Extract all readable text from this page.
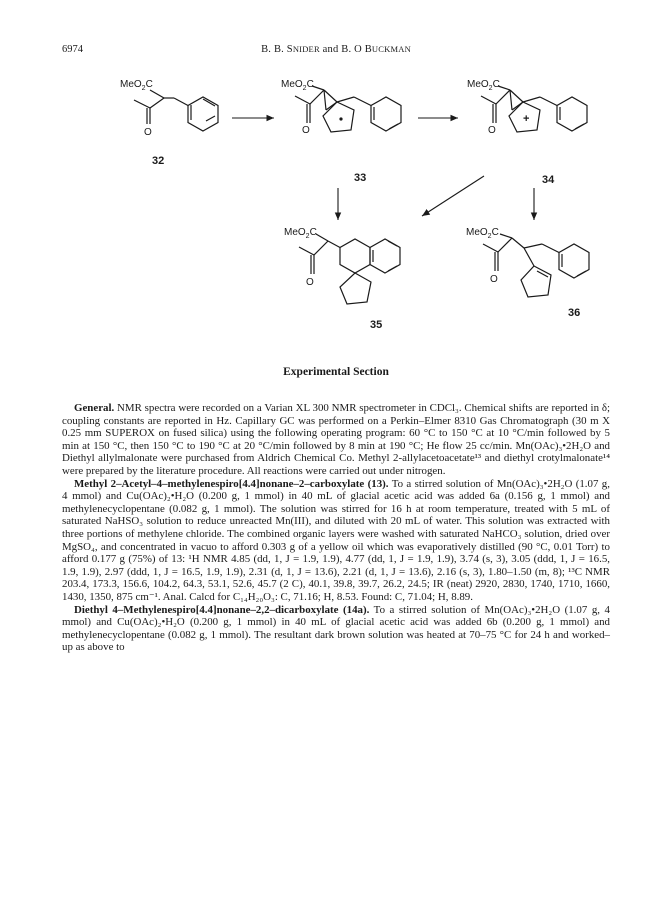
6974	B. B. SNIDER and B. O BUCKMAN
MeO$_2$C
O
32
MeO$_2$C
O
33
MeO$_2$C
+
O
34
MeO$_2$C
O
35
MeO$_2$C
O
36
Experimental Section

General. NMR spectra were recorded on a Varian XL 300 NMR spectrometer in CDCl₃. Chemical shifts are reported in δ; coupling constants are reported in Hz. Capillary GC was performed on a Perkin–Elmer 8310 Gas Chromatograph (30 m X 0.25 mm SUPEROX on fused silica) using the following operating program: 60 °C to 150 °C at 10 °C/min followed by 5 min at 150 °C, then 150 °C to 190 °C at 20 °C/min followed by 8 min at 190 °C; He flow 25 cc/min. Mn(OAc)₃•2H₂O and Diethyl allylmalonate were purchased from Aldrich Chemical Co. Methyl 2-allylacetoacetate¹³ and diethyl crotylmalonate¹⁴ were prepared by the literature procedure. All reactions were carried out under nitrogen.

Methyl 2–Acetyl–4–methylenespiro[4.4]nonane–2–carboxylate (13). To a stirred solution of Mn(OAc)₃•2H₂O (1.07 g, 4 mmol) and Cu(OAc)₂•H₂O (0.200 g, 1 mmol) in 40 mL of glacial acetic acid was added 6a (0.156 g, 1 mmol) and methylenecyclopentane (0.082 g, 1 mmol). The solution was stirred for 16 h at room temperature, treated with 5 mL of saturated NaHSO₃ solution to reduce unreacted Mn(III), and diluted with 20 mL of water. This solution was extracted with three portions of methylene chloride. The combined organic layers were washed with saturated NaHCO₃ solution, dried over MgSO₄, and concentrated in vacuo to afford 0.303 g of a yellow oil which was evaporatively distilled (90 °C, 0.01 Torr) to afford 0.177 g (75%) of 13: ¹H NMR 4.85 (dd, 1, J = 1.9, 1.9), 4.77 (dd, 1, J = 1.9, 1.9), 3.74 (s, 3), 3.05 (ddd, 1, J = 16.5, 1.9, 1.9), 2.97 (ddd, 1, J = 16.5, 1.9, 1.9), 2.31 (d, 1, J = 13.6), 2.21 (d, 1, J = 13.6), 2.16 (s, 3), 1.80–1.50 (m, 8); ¹³C NMR 203.4, 173.3, 156.6, 104.2, 64.3, 53.1, 52.6, 45.7 (2 C), 40.1, 39.8, 39.7, 26.2, 24.5; IR (neat) 2920, 2830, 1740, 1710, 1660, 1430, 1350, 875 cm⁻¹. Anal. Calcd for C₁₄H₂₀O₃: C, 71.16; H, 8.53. Found: C, 71.04; H, 8.89.

Diethyl 4–Methylenespiro[4.4]nonane–2,2–dicarboxylate (14a). To a stirred solution of Mn(OAc)₃•2H₂O (1.07 g, 4 mmol) and Cu(OAc)₂•H₂O (0.200 g, 1 mmol) in 40 mL of glacial acetic acid was added 6b (0.200 g, 1 mmol) and methylenecyclopentane (0.082 g, 1 mmol). The resultant dark brown solution was heated at 70–75 °C for 24 h and worked–up as above to
